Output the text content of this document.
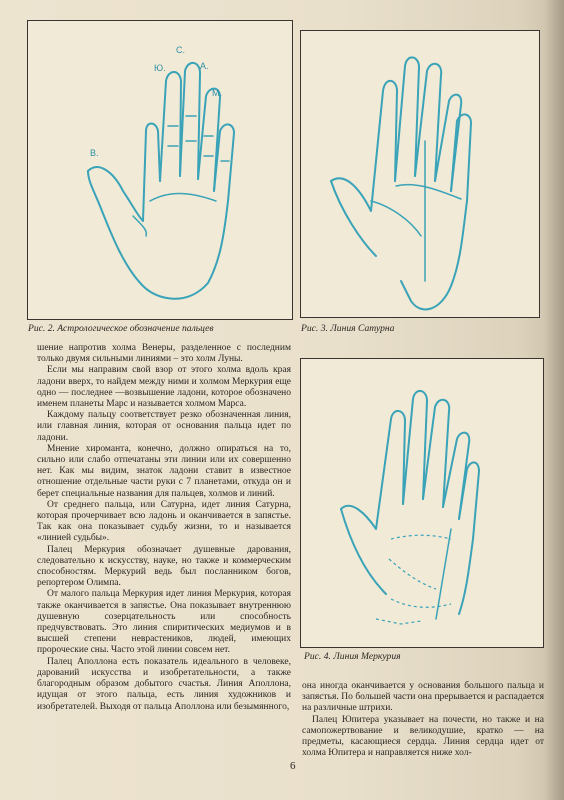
С.
Ю.	А.
М.
В.
Рис. 2. Астрологическое обозначение пальцев	Рис. 3. Линия Сатурна
Рис. 4. Линия Меркурия

шение напротив холма Венеры, разделенное с последним только двумя сильными линиями – это холм Луны.

Если мы направим свой взор от этого холма вдоль края ладони вверх, то найдем между ними и холмом Меркурия еще одно — последнее —возвышение ладони, которое обозначено именем планеты Марс и называется холмом Марса.

Каждому пальцу соответствует резко обозначенная линия, или главная линия, которая от основания пальца идет по ладони.

Мнение хироманта, конечно, должно опираться на то, сильно или слабо отпечатаны эти линии или их совершенно нет. Как мы видим, знаток ладони ставит в известное отношение отдельные части руки с 7 планетами, откуда он и берет специальные названия для пальцев, холмов и линий.

От среднего пальца, или Сатурна, идет линия Сатурна, которая прочерчивает всю ладонь и оканчивается в запястье. Так как она показывает судьбу жизни, то и называется «линией судьбы».

Палец Меркурия обозначает душевные дарования, следовательно к искусству, науке, но также и коммерческим способностям. Меркурий ведь был посланником богов, репортером Олимпа.

От малого пальца Меркурия идет линия Меркурия, которая также оканчивается в запястье. Она показывает внутреннюю душевную созерцательность или способность предчувствовать. Это линия спиритических медиумов и в высшей степени неврастеников, людей, имеющих пророческие сны. Часто этой линии совсем нет.

Палец Аполлона есть показатель идеального в человеке, дарований искусства и изобретательности, а также благородным образом добытого счастья. Линия Аполлона, идущая от этого пальца, есть линия художников и изобретателей. Выходя от пальца Аполлона или безымянного,

она иногда оканчивается у основания большого пальца и запястья. По большей части она прерывается и распадается на различные штрихи.

Палец Юпитера указывает на почести, но также и на самопожертвование и великодушие, кратко — на предметы, касающиеся сердца. Линия сердца идет от холма Юпитера и направляется ниже хол-

6
